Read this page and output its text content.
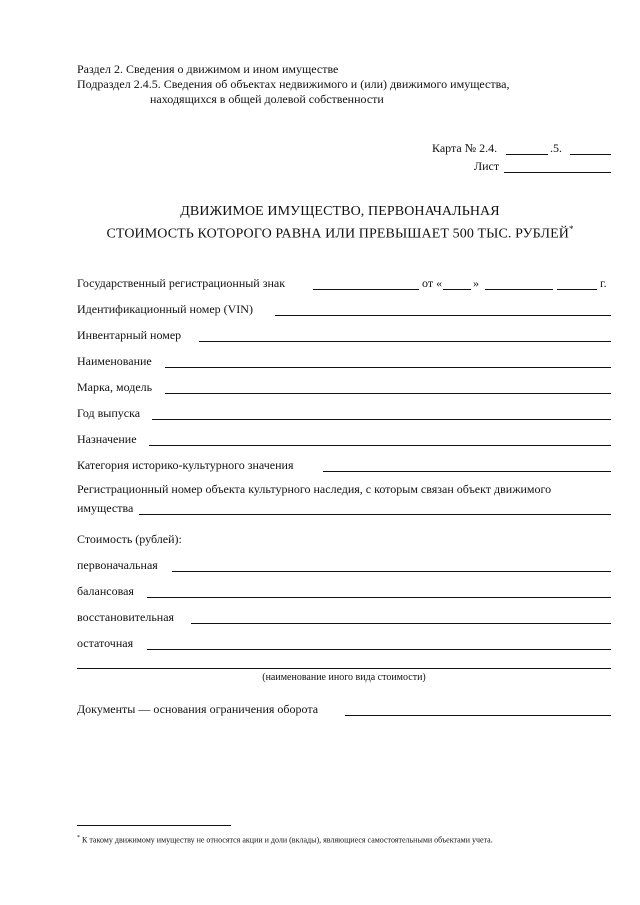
Раздел 2. Сведения о движимом и ином имуществе
Подраздел 2.4.5. Сведения об объектах недвижимого и (или) движимого имущества,
находящихся в общей долевой собственности
Карта № 2.4.	.5.
Лист
ДВИЖИМОЕ ИМУЩЕСТВО, ПЕРВОНАЧАЛЬНАЯ
СТОИМОСТЬ КОТОРОГО РАВНА ИЛИ ПРЕВЫШАЕТ 500 ТЫС. РУБЛЕЙ*
Государственный регистрационный знак	от «	»	г.
Идентификационный номер (VIN)
Инвентарный номер
Наименование
Марка, модель
Год выпуска
Назначение
Категория историко-культурного значения
Регистрационный номер объекта культурного наследия, с которым связан объект движимого
имущества
Стоимость (рублей):
первоначальная
балансовая
восстановительная
остаточная
(наименование иного вида стоимости)
Документы — основания ограничения оборота
* К такому движимому имуществу не относятся акции и доли (вклады), являющиеся самостоятельными объектами учета.
